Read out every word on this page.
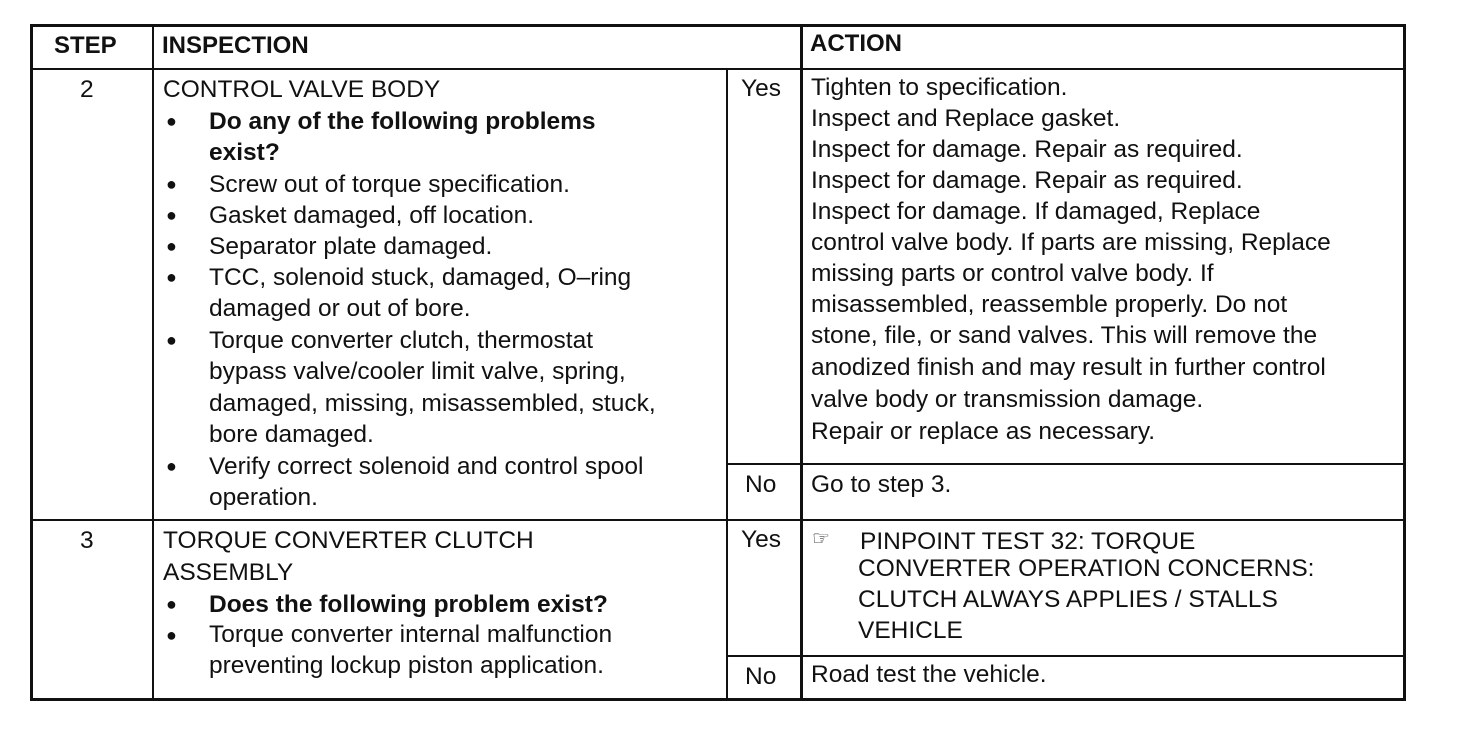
STEP INSPECTION	ACTION
2	CONTROL VALVE BODY
● Do any of the following problems
exist?
● Screw out of torque specification.
● Gasket damaged, off location.
● Separator plate damaged.
● TCC, solenoid stuck, damaged, O–ring
damaged or out of bore.
● Torque converter clutch, thermostat
bypass valve/cooler limit valve, spring,
damaged, missing, misassembled, stuck,
bore damaged.
● Verify correct solenoid and control spool
operation.
Yes Tighten to specification.
Inspect and Replace gasket.
Inspect for damage. Repair as required.
Inspect for damage. Repair as required.
Inspect for damage. If damaged, Replace
control valve body. If parts are missing, Replace
missing parts or control valve body. If
misassembled, reassemble properly. Do not
stone, file, or sand valves. This will remove the
anodized finish and may result in further control
valve body or transmission damage.
Repair or replace as necessary.
No Go to step 3.
3	TORQUE CONVERTER CLUTCH
ASSEMBLY
● Does the following problem exist?
● Torque converter internal malfunction
preventing lockup piston application.
Yes ☞ PINPOINT TEST 32: TORQUE
CONVERTER OPERATION CONCERNS:
CLUTCH ALWAYS APPLIES / STALLS
VEHICLE
No Road test the vehicle.
